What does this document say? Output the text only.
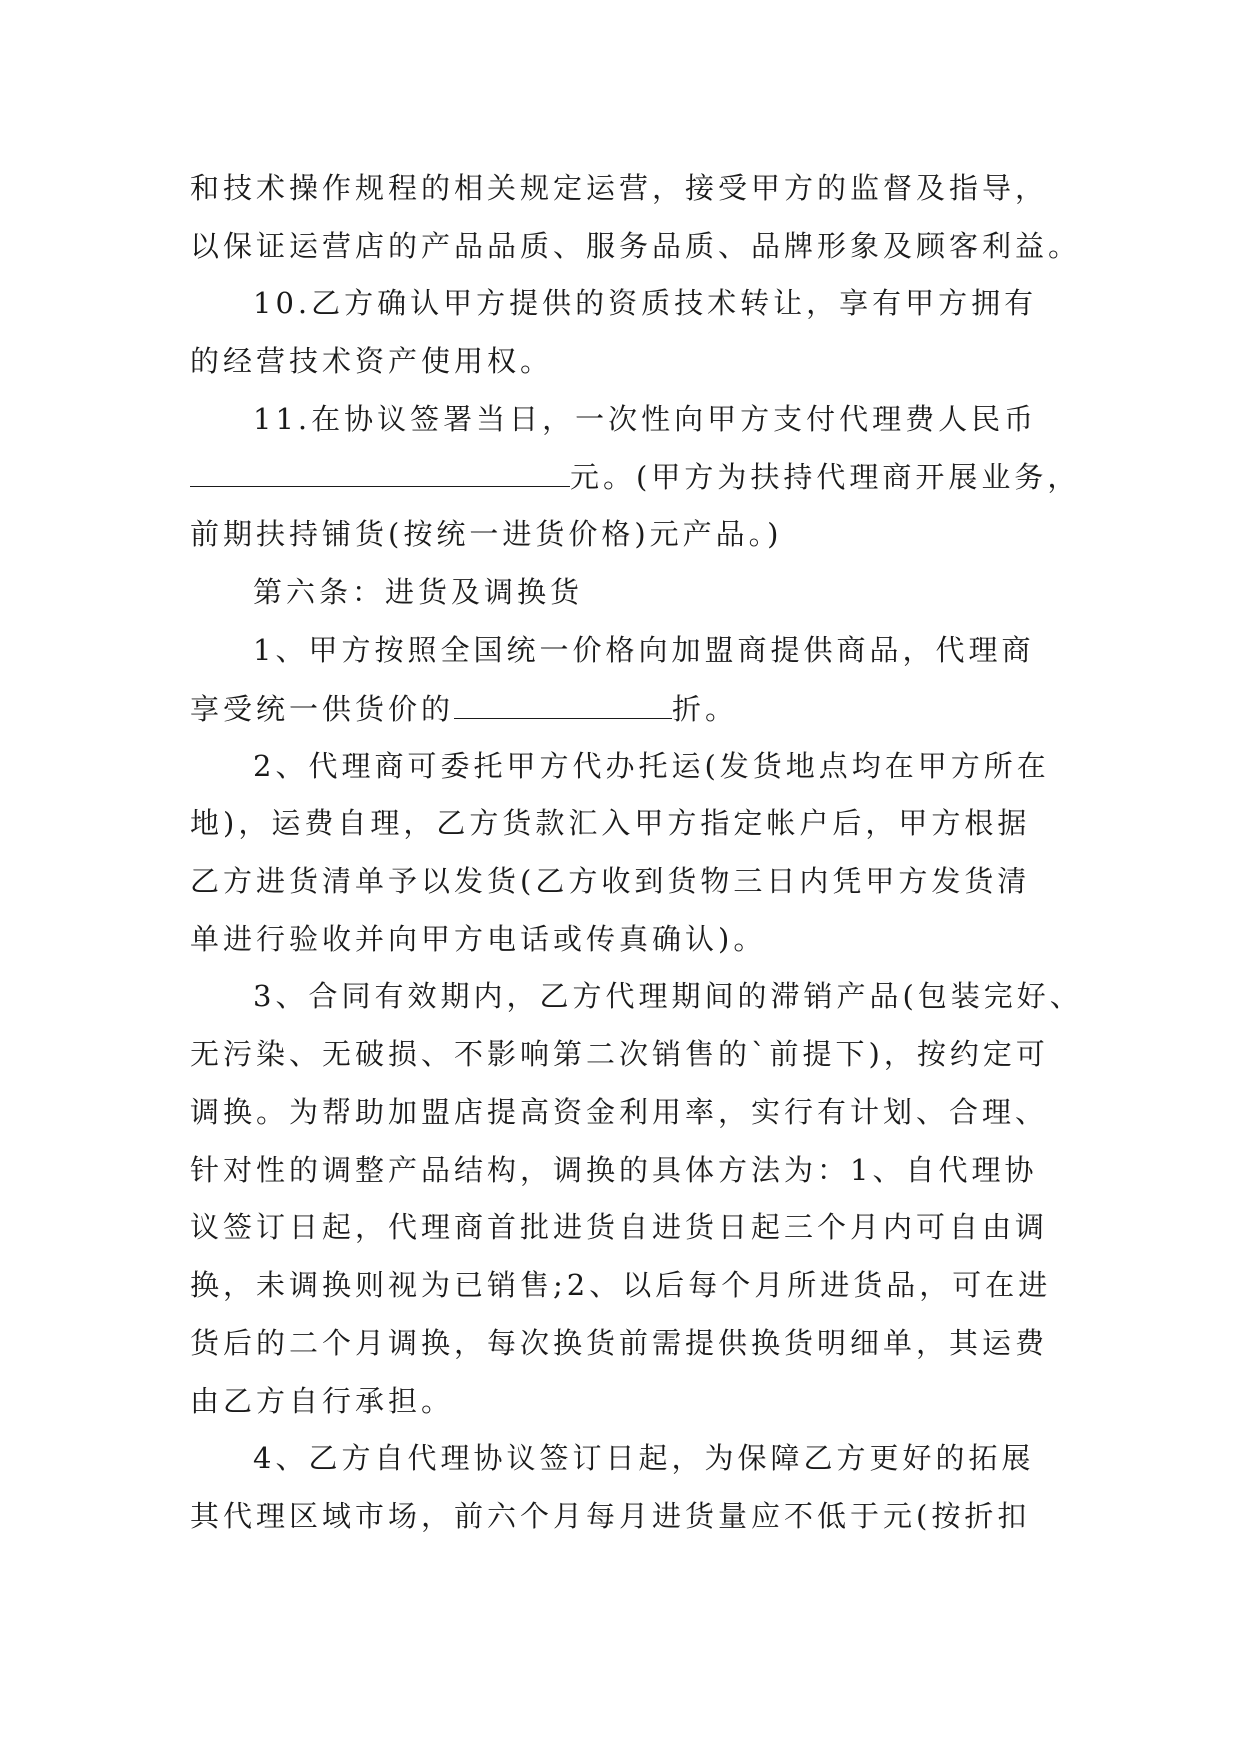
和技术操作规程的相关规定运营，接受甲方的监督及指导，
以保证运营店的产品品质、服务品质、品牌形象及顾客利益。
10.乙方确认甲方提供的资质技术转让，享有甲方拥有
的经营技术资产使用权。
11.在协议签署当日，一次性向甲方支付代理费人民币
元。(甲方为扶持代理商开展业务，
前期扶持铺货(按统一进货价格)元产品。)
第六条：进货及调换货
1、甲方按照全国统一价格向加盟商提供商品，代理商
享受统一供货价的	折。
2、代理商可委托甲方代办托运(发货地点均在甲方所在
地)，运费自理，乙方货款汇入甲方指定帐户后，甲方根据
乙方进货清单予以发货(乙方收到货物三日内凭甲方发货清
单进行验收并向甲方电话或传真确认)。
3、合同有效期内，乙方代理期间的滞销产品(包装完好、
无污染、无破损、不影响第二次销售的`前提下)，按约定可
调换。为帮助加盟店提高资金利用率，实行有计划、合理、
针对性的调整产品结构，调换的具体方法为：1、自代理协
议签订日起，代理商首批进货自进货日起三个月内可自由调
换，未调换则视为已销售;2、以后每个月所进货品，可在进
货后的二个月调换，每次换货前需提供换货明细单，其运费
由乙方自行承担。
4、乙方自代理协议签订日起，为保障乙方更好的拓展
其代理区域市场，前六个月每月进货量应不低于元(按折扣
